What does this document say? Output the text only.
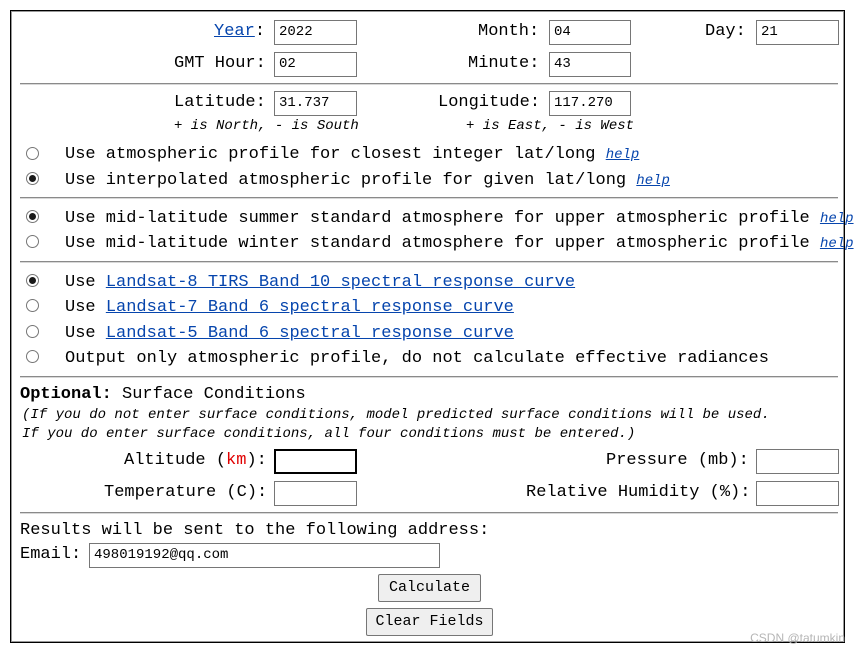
Year: 2022	Month:	04	Day:	21
GMT Hour: 02	Minute:	43
Latitude: 31.737
+ is North, - is South
Longitude: 117.270
+ is East, - is West
Use atmospheric profile for closest integer lat/long help
Use interpolated atmospheric profile for given lat/long help
Use mid-latitude summer standard atmosphere for upper atmospheric profile help
Use mid-latitude winter standard atmosphere for upper atmospheric profile help
Use Landsat-8 TIRS Band 10 spectral response curve
Use Landsat-7 Band 6 spectral response curve
Use Landsat-5 Band 6 spectral response curve
Output only atmospheric profile, do not calculate effective radiances
Optional: Surface Conditions
(If you do not enter surface conditions, model predicted surface conditions will be used.
If you do enter surface conditions, all four conditions must be entered.)
Altitude (km):	Pressure (mb):
Temperature (C):	Relative Humidity (%):
Results will be sent to the following address:
Email: 498019192@qq.com
Calculate
Clear Fields
CSDN @tatumkin
